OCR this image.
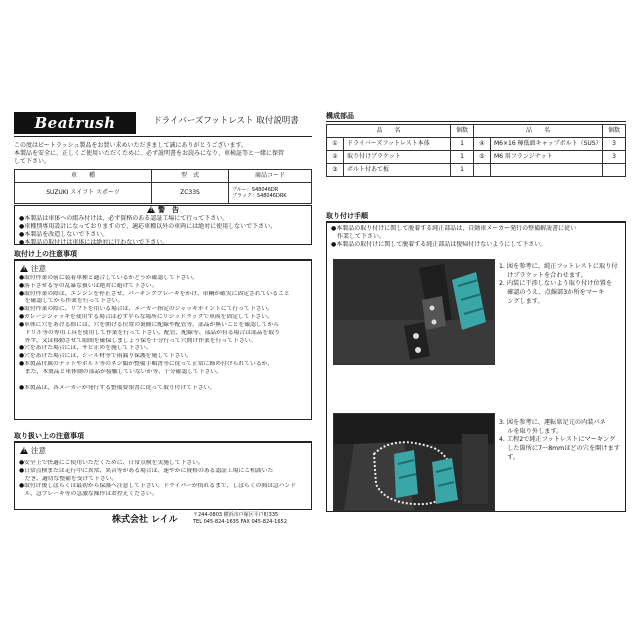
Beatrush	ドライバーズフットレスト 取付説明書
この度はビートラッシュ製品をお買い求めいただきまして誠にありがとうございます。
本製品を安全に、正しくご使用いただくために、必ず説明書をお読みになり、車検証等と一緒に保管
して下さい。
車　　種	型　式	商品コード
SUZUKI スイフト スポーツ	ZC33S	ブルー：S48046DR
ブラック：S48046DRK
! 警　告
●本製品は車体への組み付けは、必ず資格のある認証工場にて行って下さい。
●車種別専用設計になっておりますので、適応車種以外の車両には絶対に使用しないで下さい。
●本製品を改造しないで下さい。
●本製品の取付けは車体には絶対に行わないで下さい。
取付け上の注意事項
! 注意
●取付作業の前に装着車種と適合しているかどうか確認して下さい。
●落下させる等の乱暴な扱いは絶対に避けて下さい。
●取付作業の際は、エンジンを停止させ、パーキングブレーキをかけ、車輌が確実に固定されていること
　を確認してから作業を行って下さい。
●取付作業の際に、リフトを用いる場合は、メーカー指定のジャッキポイントにて行って下さい。
●ガレージジャッキを使用する場合は必ず平らな場所にリジッドラックで車両を固定して下さい。
●車体に穴をあける際には、穴を開ける位置の裏側に配線や配管等、部品が無いことを確認してから
　ドリル等の専用工具を使用して作業を行って下さい。配管、配線等、部品が有る場合は部品を取り
　外す、又は移動させて隙間を確保しましょう保を十分行って穴開け作業を行って下さい。
●穴をあけた場合には、サビ止めを施して下さい。
●穴をあけた場合には、シール材等で雨漏り保護を施して下さい。
●本製品付属のナットやボルト等のネジ類が整備手順書等に従って正常に締め付けられているか、
　また、本製品と車体側の部品が接触していないか等、十分確認して下さい。
●本製品は、各メーカーが発行する整備要領書に従って取り付けて下さい。
取り扱い上の注意事項
! 注意
●安全上で快適にご使用いただくために、日常点検を実施して下さい。
●日常点検または走行中に異常、異音等がある場合は、速やかに資格のある認証工場にご相談いた
　だき、適切な整備を受けて下さい。
●取付け後しばらくは最初から保護へ注意して下さい。ドライバーが慣れるまで、しばらくの間は急ハンド
　ル、急ブレーキ等の急激な操作はお控えください。
株式会社 レイル	〒244-0803 横浜市戸塚区平戸町335
TEL 045-824-1635 FAX 045-824-1652
構成部品
品　　名		個数	品　　名		個数
①	ドライバーズフットレスト本体	1	④	M6×16 極低頭キャップボルト（SUS）	3
②	取り付けブラケット	1	⑤	M6 用フランジナット	3
③	ボルト付あて板	1			
取り付け手順
●本製品の取り付けに関して脱着する純正部品は、自動車メーカー発行の整備解説書に従い
　作業して下さい。
●本製品の取付けに関して脱着する純正部品は復帰付けないようにして下さい。
1. 図を参考に、純正フットレストに取り付
　 けブラケットを合わせます。
2. 内装に干渉しないよう取り付け位置を
　 確認のうえ、点線部3か所をマーキ
　 ングします。
3. 図を参考に、運転席足元の内装パネ
　 ルを取り外します。
4. 工程2で純正フットレストにマーキング
　 した箇所に7～8mmほどの穴を開けます
　 す。
